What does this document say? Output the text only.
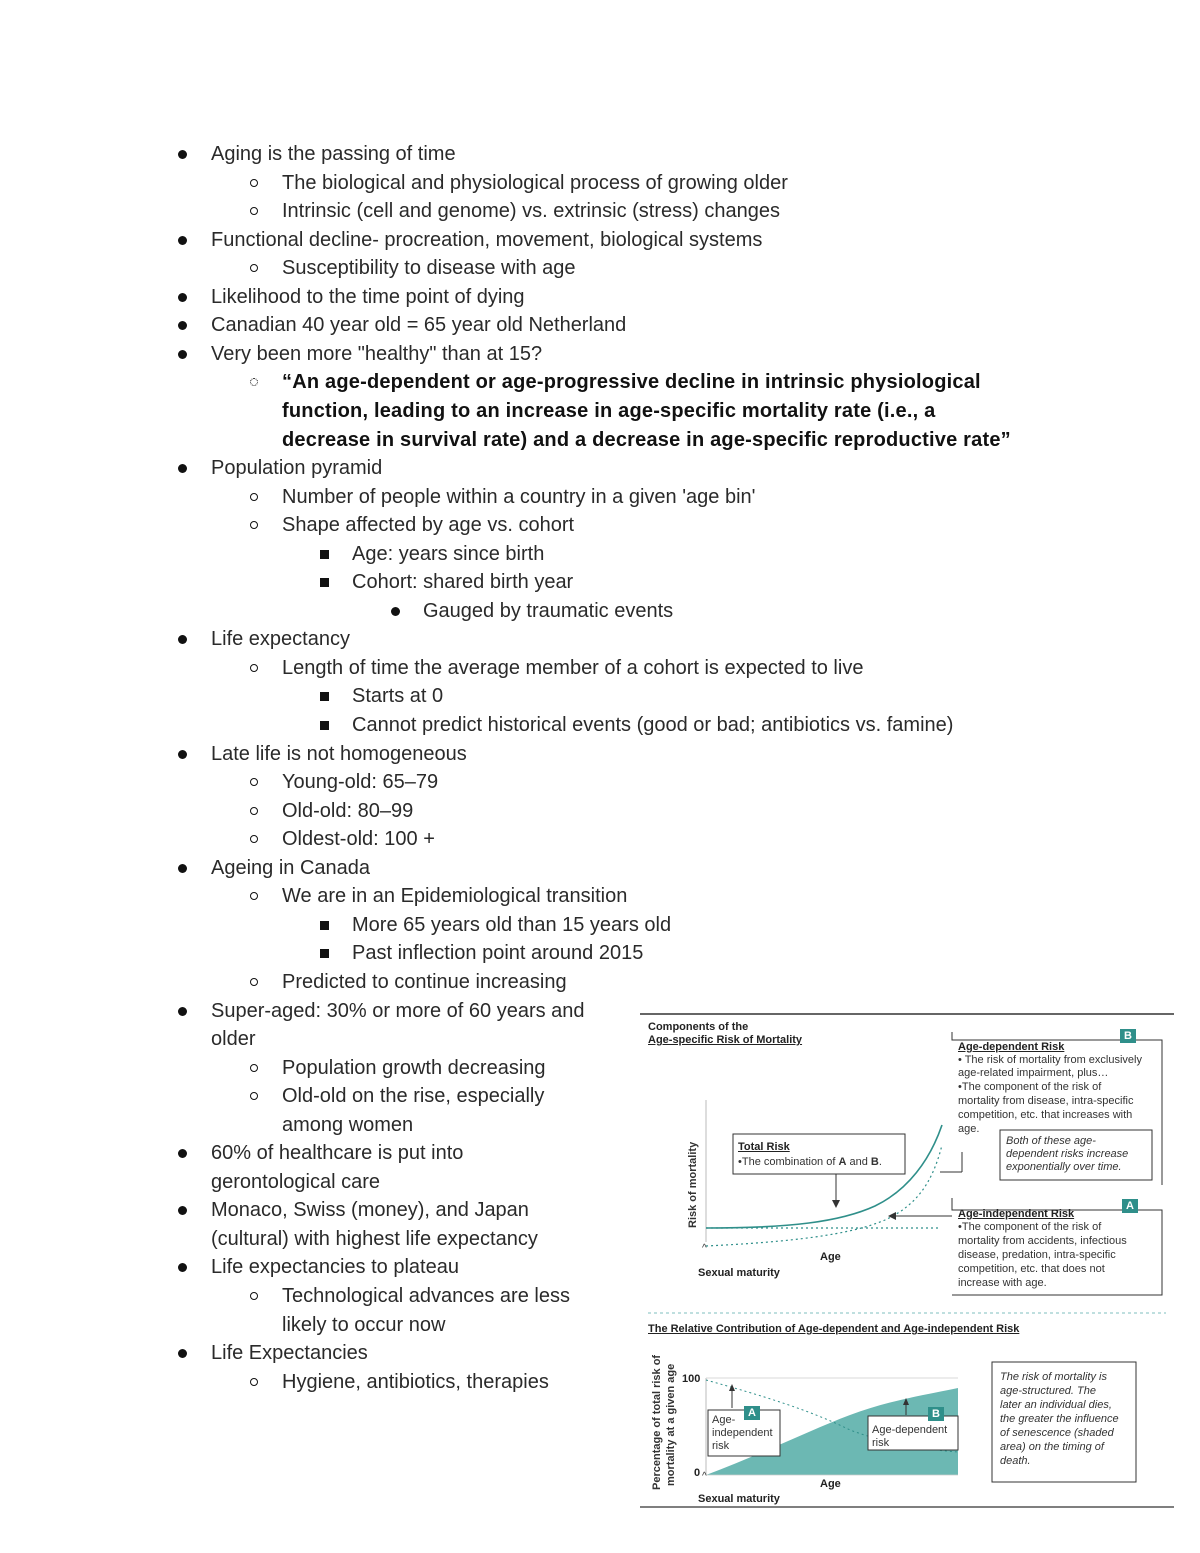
Aging is the passing of time
The biological and physiological process of growing older
Intrinsic (cell and genome) vs. extrinsic (stress) changes
Functional decline- procreation, movement, biological systems
Susceptibility to disease with age
Likelihood to the time point of dying
Canadian 40 year old = 65 year old Netherland
Very been more "healthy" than at 15?
“An age-dependent or age-progressive decline in intrinsic physiological
function, leading to an increase in age-specific mortality rate (i.e., a
decrease in survival rate) and a decrease in age-specific reproductive rate”
Population pyramid
Number of people within a country in a given 'age bin'
Shape affected by age vs. cohort
Age: years since birth
Cohort: shared birth year
Gauged by traumatic events
Life expectancy
Length of time the average member of a cohort is expected to live
Starts at 0
Cannot predict historical events (good or bad; antibiotics vs. famine)
Late life is not homogeneous
Young-old: 65–79
Old-old: 80–99
Oldest-old: 100 +
Ageing in Canada
We are in an Epidemiological transition
More 65 years old than 15 years old
Past inflection point around 2015
Predicted to continue increasing
Super-aged: 30% or more of 60 years and
older
Population growth decreasing
Old-old on the rise, especially
among women
60% of healthcare is put into
gerontological care
Monaco, Swiss (money), and Japan
(cultural) with highest life expectancy
Life expectancies to plateau
Technological advances are less
likely to occur now
Life Expectancies
Hygiene, antibiotics, therapies
Risk of mortality
Percentage of total risk of mortality at a given age
Components of the
Age-specific Risk of Mortality
Age-dependent Risk
B
• The risk of mortality from exclusively
age-related impairment, plus…
•The component of the risk of
mortality from disease, intra-specific
competition, etc. that increases with
age.
Both of these age-
dependent risks increase
exponentially over time.
Total Risk
•The combination of A and B.
Age
^
Sexual maturity
Age-independent Risk
A
•The component of the risk of
mortality from accidents, infectious
disease, predation, intra-specific
competition, etc. that does not
increase with age.
The Relative Contribution of Age-dependent and Age-independent Risk
100
0
Age-
independent
risk
A
Age-dependent
risk
B
Age
^
Sexual maturity
The risk of mortality is
age-structured. The
later an individual dies,
the greater the influence
of senescence (shaded
area) on the timing of
death.
